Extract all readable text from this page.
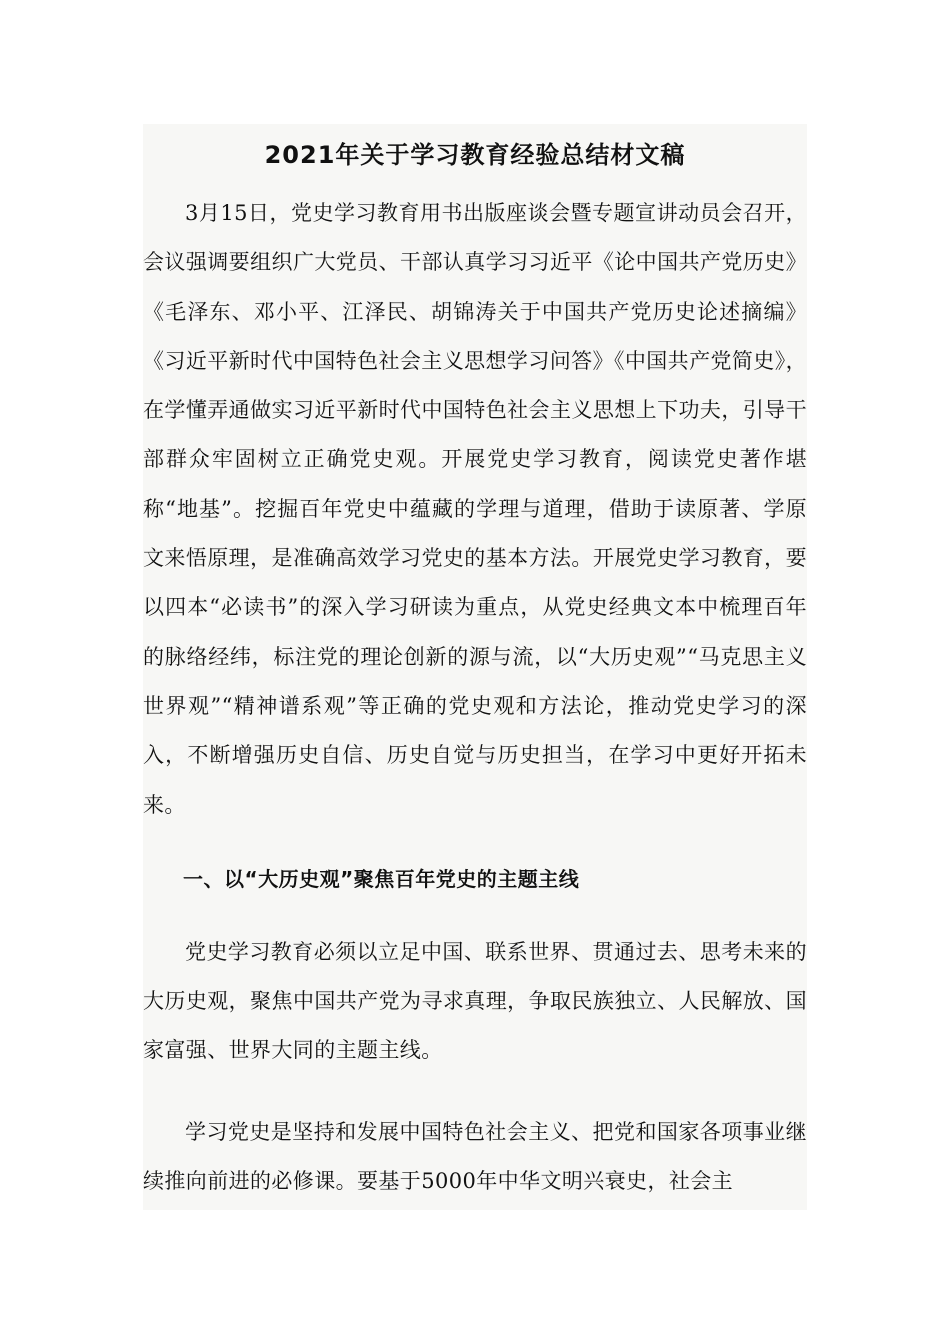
2021年关于学习教育经验总结材文稿

3月15日，党史学习教育用书出版座谈会暨专题宣讲动员会召开，会议强调要组织广大党员、干部认真学习习近平《论中国共产党历史》《毛泽东、邓小平、江泽民、胡锦涛关于中国共产党历史论述摘编》《习近平新时代中国特色社会主义思想学习问答》《中国共产党简史》，在学懂弄通做实习近平新时代中国特色社会主义思想上下功夫，引导干部群众牢固树立正确党史观。开展党史学习教育，阅读党史著作堪称“地基”。挖掘百年党史中蕴藏的学理与道理，借助于读原著、学原文来悟原理，是准确高效学习党史的基本方法。开展党史学习教育，要以四本“必读书”的深入学习研读为重点，从党史经典文本中梳理百年的脉络经纬，标注党的理论创新的源与流，以“大历史观”“马克思主义世界观”“精神谱系观”等正确的党史观和方法论，推动党史学习的深入，不断增强历史自信、历史自觉与历史担当，在学习中更好开拓未来。

一、以“大历史观”聚焦百年党史的主题主线

党史学习教育必须以立足中国、联系世界、贯通过去、思考未来的大历史观，聚焦中国共产党为寻求真理，争取民族独立、人民解放、国家富强、世界大同的主题主线。

学习党史是坚持和发展中国特色社会主义、把党和国家各项事业继续推向前进的必修课。要基于5000年中华文明兴衰史，社会主
